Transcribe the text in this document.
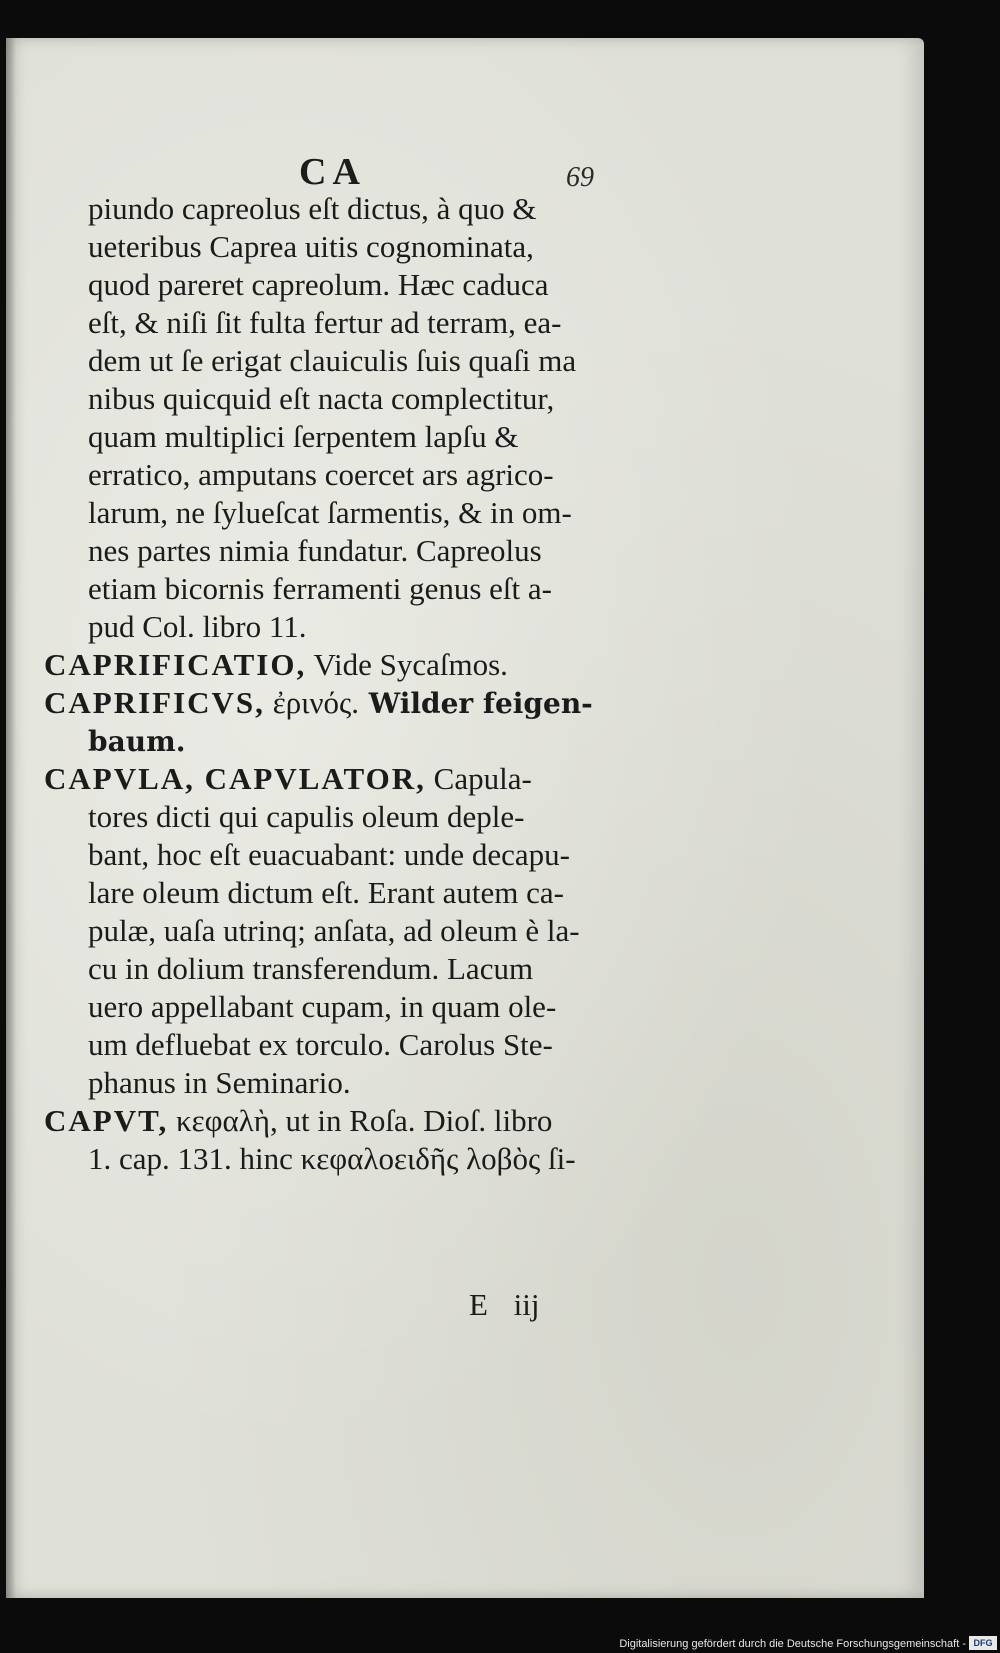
CA	69
piundo capreolus eſt dictus, à quo &
ueteribus Caprea uitis cognominata,
quod pareret capreolum. Hæc caduca
eſt, & niſi ſit fulta fertur ad terram, ea-
dem ut ſe erigat clauiculis ſuis quaſi ma
nibus quicquid eſt nacta complectitur,
quam multiplici ſerpentem lapſu &
erratico, amputans coercet ars agrico-
larum, ne ſylueſcat ſarmentis, & in om-
nes partes nimia fundatur. Capreolus
etiam bicornis ferramenti genus eſt a-
pud Col. libro 11.
CAPRIFICATIO, Vide Sycaſmos.
CAPRIFICVS, ἐρινός. Wilder feigen-
baum.
CAPVLA, CAPVLATOR, Capula-
tores dicti qui capulis oleum deple-
bant, hoc eſt euacuabant: unde decapu-
lare oleum dictum eſt. Erant autem ca-
pulæ, uaſa utrinq; anſata, ad oleum è la-
cu in dolium transferendum. Lacum
uero appellabant cupam, in quam ole-
um defluebat ex torculo. Carolus Ste-
phanus in Seminario.
CAPVT, κεφαλὴ, ut in Roſa. Dioſ. libro
1. cap. 131. hinc κεφαλοειδῆς λοβὸς ſi-
E iij
Digitalisierung gefördert durch die Deutsche Forschungsgemeinschaft - DFG
